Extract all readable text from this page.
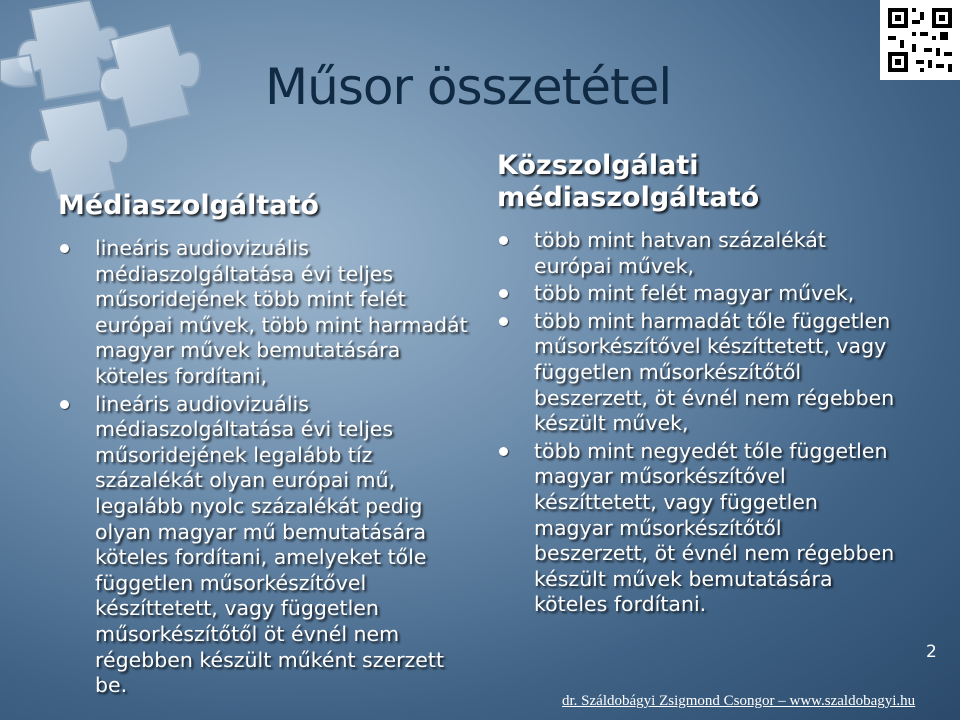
Műsor összetétel
Médiaszolgáltató
lineáris audiovizuális médiaszolgáltatása évi teljes műsoridejének több mint felét európai művek, több mint harmadát magyar művek bemutatására köteles fordítani,
lineáris audiovizuális médiaszolgáltatása évi teljes műsoridejének legalább tíz százalékát olyan európai mű, legalább nyolc százalékát pedig olyan magyar mű bemutatására köteles fordítani, amelyeket tőle független műsorkészítővel készíttetett, vagy független műsorkészítőtől öt évnél nem régebben készült műként szerzett be.
Közszolgálati médiaszolgáltató
több mint hatvan százalékát európai művek,
több mint felét magyar művek,
több mint harmadát tőle független műsorkészítővel készíttetett, vagy független műsorkészítőtől beszerzett, öt évnél nem régebben készült művek,
több mint negyedét tőle független magyar műsorkészítővel készíttetett, vagy független magyar műsorkészítőtől beszerzett, öt évnél nem régebben készült művek bemutatására köteles fordítani.
2
dr. Száldobágyi Zsigmond Csongor – www.szaldobagyi.hu
